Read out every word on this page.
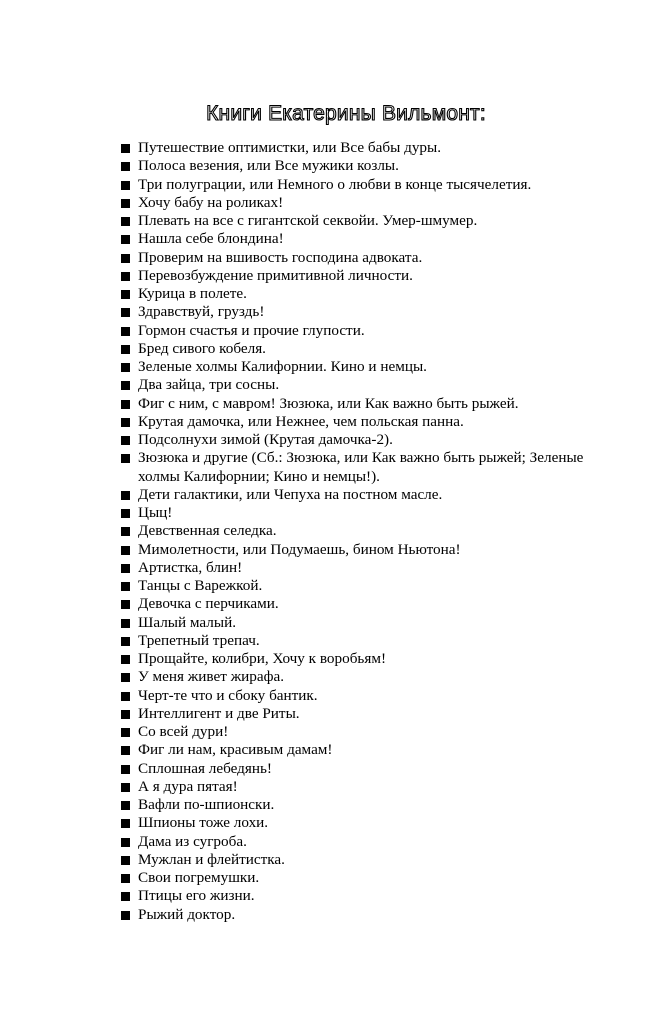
Книги Екатерины Вильмонт:
Путешествие оптимистки, или Все бабы дуры.
Полоса везения, или Все мужики козлы.
Три полуграции, или Немного о любви в конце тысячелетия.
Хочу бабу на роликах!
Плевать на все с гигантской секвойи. Умер-шмумер.
Нашла себе блондина!
Проверим на вшивость господина адвоката.
Перевозбуждение примитивной личности.
Курица в полете.
Здравствуй, груздь!
Гормон счастья и прочие глупости.
Бред сивого кобеля.
Зеленые холмы Калифорнии. Кино и немцы.
Два зайца, три сосны.
Фиг с ним, с мавром! Зюзюка, или Как важно быть рыжей.
Крутая дамочка, или Нежнее, чем польская панна.
Подсолнухи зимой (Крутая дамочка-2).
Зюзюка и другие (Сб.: Зюзюка, или Как важно быть рыжей; Зеленые холмы Калифорнии; Кино и немцы!).
Дети галактики, или Чепуха на постном масле.
Цыц!
Девственная селедка.
Мимолетности, или Подумаешь, бином Ньютона!
Артистка, блин!
Танцы с Варежкой.
Девочка с перчиками.
Шалый малый.
Трепетный трепач.
Прощайте, колибри, Хочу к воробьям!
У меня живет жирафа.
Черт-те что и сбоку бантик.
Интеллигент и две Риты.
Со всей дури!
Фиг ли нам, красивым дамам!
Сплошная лебедянь!
А я дура пятая!
Вафли по-шпионски.
Шпионы тоже лохи.
Дама из сугроба.
Мужлан и флейтистка.
Свои погремушки.
Птицы его жизни.
Рыжий доктор.
